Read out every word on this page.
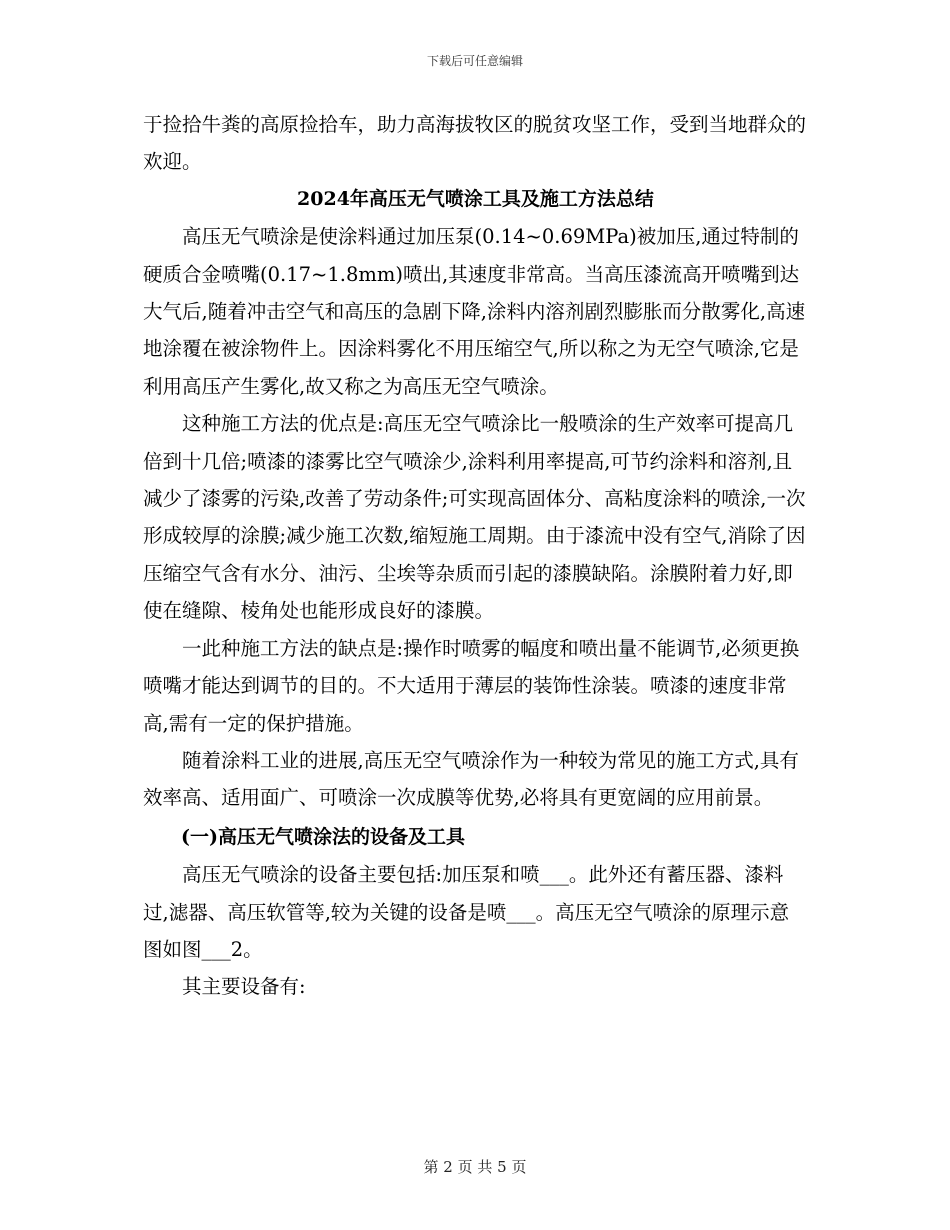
下载后可任意编辑

于捡拾牛粪的高原捡拾车，助力高海拔牧区的脱贫攻坚工作，受到当地群众的欢迎。

2024年高压无气喷涂工具及施工方法总结

高压无气喷涂是使涂料通过加压泵(0.14~0.69MPa)被加压,通过特制的硬质合金喷嘴(0.17~1.8mm)喷出,其速度非常高。当高压漆流高开喷嘴到达大气后,随着冲击空气和高压的急剧下降,涂料内溶剂剧烈膨胀而分散雾化,高速地涂覆在被涂物件上。因涂料雾化不用压缩空气,所以称之为无空气喷涂,它是利用高压产生雾化,故又称之为高压无空气喷涂。

这种施工方法的优点是:高压无空气喷涂比一般喷涂的生产效率可提高几倍到十几倍;喷漆的漆雾比空气喷涂少,涂料利用率提高,可节约涂料和溶剂,且减少了漆雾的污染,改善了劳动条件;可实现高固体分、高粘度涂料的喷涂,一次形成较厚的涂膜;减少施工次数,缩短施工周期。由于漆流中没有空气,消除了因压缩空气含有水分、油污、尘埃等杂质而引起的漆膜缺陷。涂膜附着力好,即使在缝隙、棱角处也能形成良好的漆膜。

一此种施工方法的缺点是:操作时喷雾的幅度和喷出量不能调节,必须更换喷嘴才能达到调节的目的。不大适用于薄层的装饰性涂装。喷漆的速度非常高,需有一定的保护措施。

随着涂料工业的进展,高压无空气喷涂作为一种较为常见的施工方式,具有效率高、适用面广、可喷涂一次成膜等优势,必将具有更宽阔的应用前景。

(一)高压无气喷涂法的设备及工具

高压无气喷涂的设备主要包括:加压泵和喷___。此外还有蓄压器、漆料过,滤器、高压软管等,较为关键的设备是喷___。高压无空气喷涂的原理示意图如图___2。

其主要设备有:

第 2 页 共 5 页
